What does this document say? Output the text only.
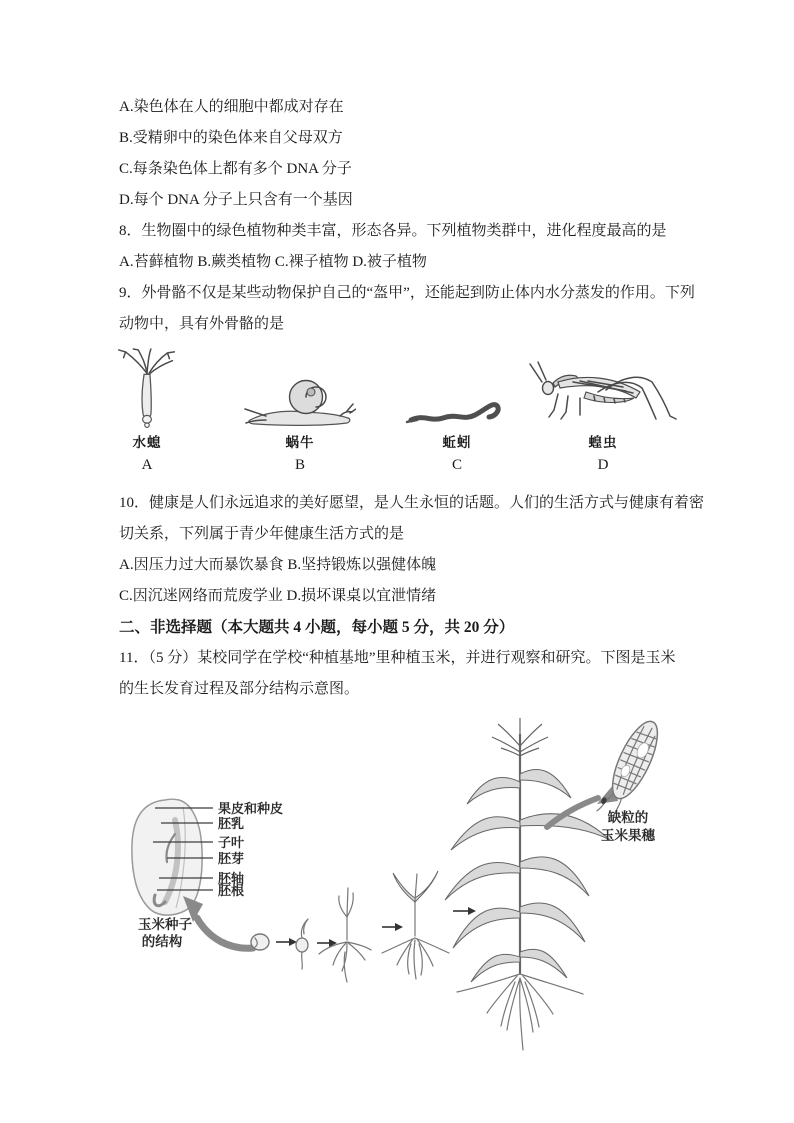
A.染色体在人的细胞中都成对存在
B.受精卵中的染色体来自父母双方
C.每条染色体上都有多个 DNA 分子
D.每个 DNA 分子上只含有一个基因
8．生物圈中的绿色植物种类丰富，形态各异。下列植物类群中，进化程度最高的是
A.苔藓植物 B.蕨类植物 C.裸子植物 D.被子植物
9．外骨骼不仅是某些动物保护自己的“盔甲”，还能起到防止体内水分蒸发的作用。下列
动物中，具有外骨骼的是
水螅
A
蜗牛
B
蚯蚓
C
蝗虫
D
10．健康是人们永远追求的美好愿望，是人生永恒的话题。人们的生活方式与健康有着密
切关系，下列属于青少年健康生活方式的是
A.因压力过大而暴饮暴食 B.坚持锻炼以强健体魄
C.因沉迷网络而荒废学业 D.损坏课桌以宜泄情绪
二、非选择题（本大题共 4 小题，每小题 5 分，共 20 分）
11．（5 分）某校同学在学校“种植基地”里种植玉米，并进行观察和研究。下图是玉米
的生长发育过程及部分结构示意图。
果皮和种皮
胚乳
子叶
胚芽
胚轴
胚根
玉米种子
的结构
缺粒的
玉米果穗
